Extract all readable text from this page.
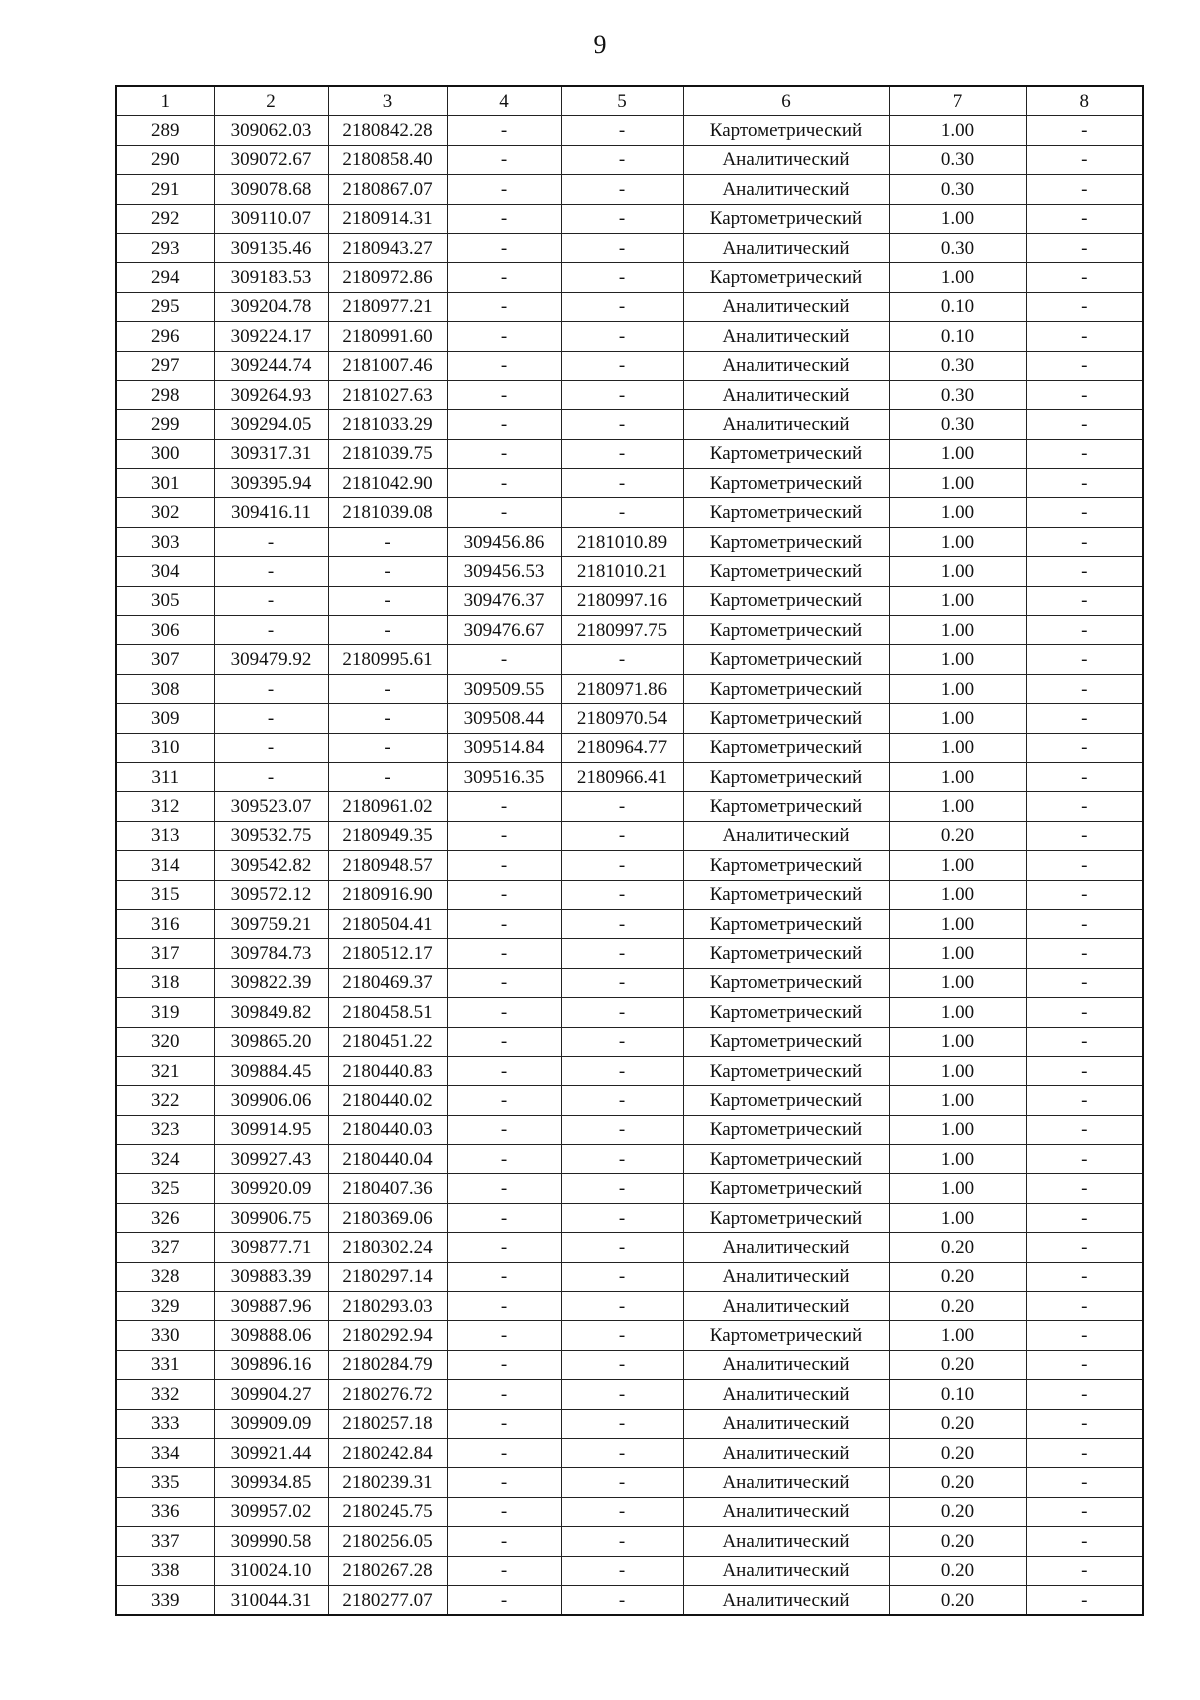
9
1	2	3	4	5	6	7	8
289	309062.03	2180842.28	-	-	Картометрический	1.00	-
290	309072.67	2180858.40	-	-	Аналитический	0.30	-
291	309078.68	2180867.07	-	-	Аналитический	0.30	-
292	309110.07	2180914.31	-	-	Картометрический	1.00	-
293	309135.46	2180943.27	-	-	Аналитический	0.30	-
294	309183.53	2180972.86	-	-	Картометрический	1.00	-
295	309204.78	2180977.21	-	-	Аналитический	0.10	-
296	309224.17	2180991.60	-	-	Аналитический	0.10	-
297	309244.74	2181007.46	-	-	Аналитический	0.30	-
298	309264.93	2181027.63	-	-	Аналитический	0.30	-
299	309294.05	2181033.29	-	-	Аналитический	0.30	-
300	309317.31	2181039.75	-	-	Картометрический	1.00	-
301	309395.94	2181042.90	-	-	Картометрический	1.00	-
302	309416.11	2181039.08	-	-	Картометрический	1.00	-
303	-	-	309456.86	2181010.89	Картометрический	1.00	-
304	-	-	309456.53	2181010.21	Картометрический	1.00	-
305	-	-	309476.37	2180997.16	Картометрический	1.00	-
306	-	-	309476.67	2180997.75	Картометрический	1.00	-
307	309479.92	2180995.61	-	-	Картометрический	1.00	-
308	-	-	309509.55	2180971.86	Картометрический	1.00	-
309	-	-	309508.44	2180970.54	Картометрический	1.00	-
310	-	-	309514.84	2180964.77	Картометрический	1.00	-
311	-	-	309516.35	2180966.41	Картометрический	1.00	-
312	309523.07	2180961.02	-	-	Картометрический	1.00	-
313	309532.75	2180949.35	-	-	Аналитический	0.20	-
314	309542.82	2180948.57	-	-	Картометрический	1.00	-
315	309572.12	2180916.90	-	-	Картометрический	1.00	-
316	309759.21	2180504.41	-	-	Картометрический	1.00	-
317	309784.73	2180512.17	-	-	Картометрический	1.00	-
318	309822.39	2180469.37	-	-	Картометрический	1.00	-
319	309849.82	2180458.51	-	-	Картометрический	1.00	-
320	309865.20	2180451.22	-	-	Картометрический	1.00	-
321	309884.45	2180440.83	-	-	Картометрический	1.00	-
322	309906.06	2180440.02	-	-	Картометрический	1.00	-
323	309914.95	2180440.03	-	-	Картометрический	1.00	-
324	309927.43	2180440.04	-	-	Картометрический	1.00	-
325	309920.09	2180407.36	-	-	Картометрический	1.00	-
326	309906.75	2180369.06	-	-	Картометрический	1.00	-
327	309877.71	2180302.24	-	-	Аналитический	0.20	-
328	309883.39	2180297.14	-	-	Аналитический	0.20	-
329	309887.96	2180293.03	-	-	Аналитический	0.20	-
330	309888.06	2180292.94	-	-	Картометрический	1.00	-
331	309896.16	2180284.79	-	-	Аналитический	0.20	-
332	309904.27	2180276.72	-	-	Аналитический	0.10	-
333	309909.09	2180257.18	-	-	Аналитический	0.20	-
334	309921.44	2180242.84	-	-	Аналитический	0.20	-
335	309934.85	2180239.31	-	-	Аналитический	0.20	-
336	309957.02	2180245.75	-	-	Аналитический	0.20	-
337	309990.58	2180256.05	-	-	Аналитический	0.20	-
338	310024.10	2180267.28	-	-	Аналитический	0.20	-
339	310044.31	2180277.07	-	-	Аналитический	0.20	-
